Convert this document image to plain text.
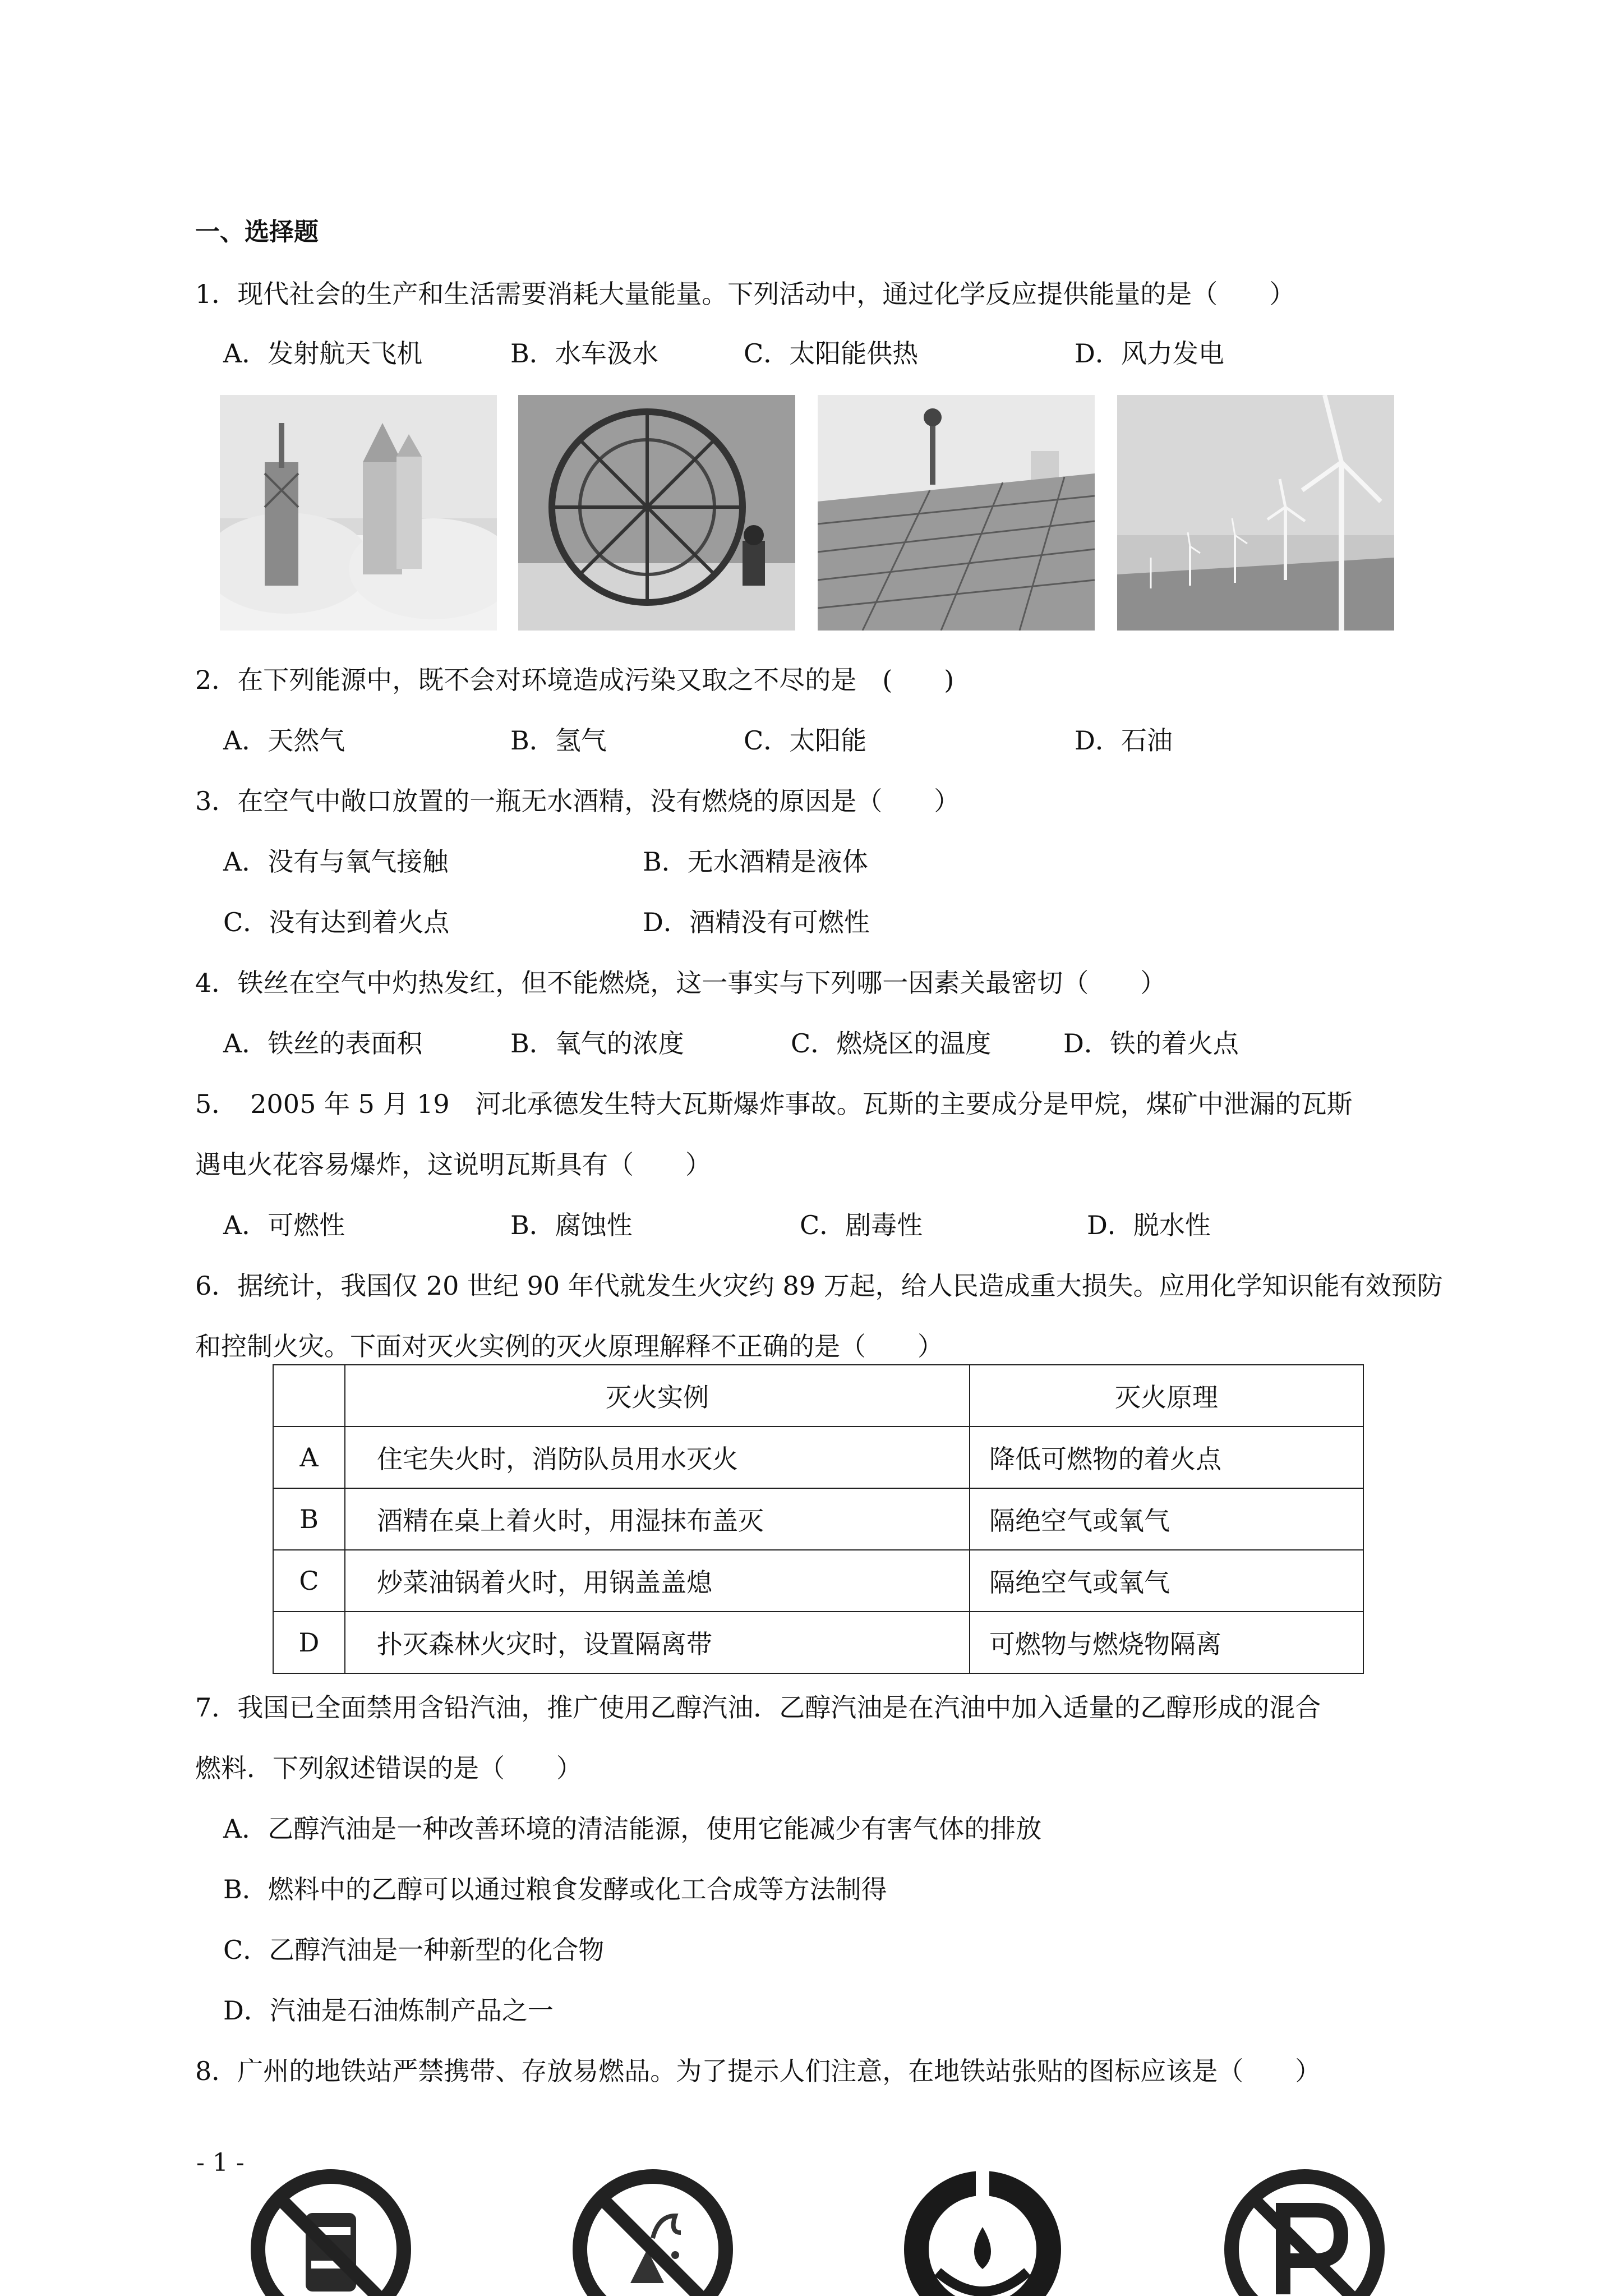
一、选择题
1．现代社会的生产和生活需要消耗大量能量。下列活动中，通过化学反应提供能量的是（　　）
A．发射航天飞机	B．水车汲水	C．太阳能供热	D．风力发电
2．在下列能源中，既不会对环境造成污染又取之不尽的是　(　　)
A．天然气	B．氢气	C．太阳能	D．石油
3．在空气中敞口放置的一瓶无水酒精，没有燃烧的原因是（　　）
A．没有与氧气接触	B．无水酒精是液体
C．没有达到着火点	D．酒精没有可燃性
4．铁丝在空气中灼热发红，但不能燃烧，这一事实与下列哪一因素关最密切（　　）
A．铁丝的表面积	B．氧气的浓度	C．燃烧区的温度	D．铁的着火点
5．　2005 年 5 月 19　河北承德发生特大瓦斯爆炸事故。瓦斯的主要成分是甲烷，煤矿中泄漏的瓦斯
遇电火花容易爆炸，这说明瓦斯具有（　　）
A．可燃性	B．腐蚀性	C．剧毒性	D．脱水性
6．据统计，我国仅 20 世纪 90 年代就发生火灾约 89 万起，给人民造成重大损失。应用化学知识能有效预防
和控制火灾。下面对灭火实例的灭火原理解释不正确的是（　　）
	灭火实例	灭火原理
A	住宅失火时，消防队员用水灭火	降低可燃物的着火点
B	酒精在桌上着火时，用湿抹布盖灭	隔绝空气或氧气
C	炒菜油锅着火时，用锅盖盖熄	隔绝空气或氧气
D	扑灭森林火灾时，设置隔离带	可燃物与燃烧物隔离
7．我国已全面禁用含铅汽油，推广使用乙醇汽油．乙醇汽油是在汽油中加入适量的乙醇形成的混合
燃料．下列叙述错误的是（　　）
A．乙醇汽油是一种改善环境的清洁能源，使用它能减少有害气体的排放
B．燃料中的乙醇可以通过粮食发酵或化工合成等方法制得
C．乙醇汽油是一种新型的化合物
D．汽油是石油炼制产品之一
8．广州的地铁站严禁携带、存放易燃品。为了提示人们注意，在地铁站张贴的图标应该是（　　）
- 1 -
